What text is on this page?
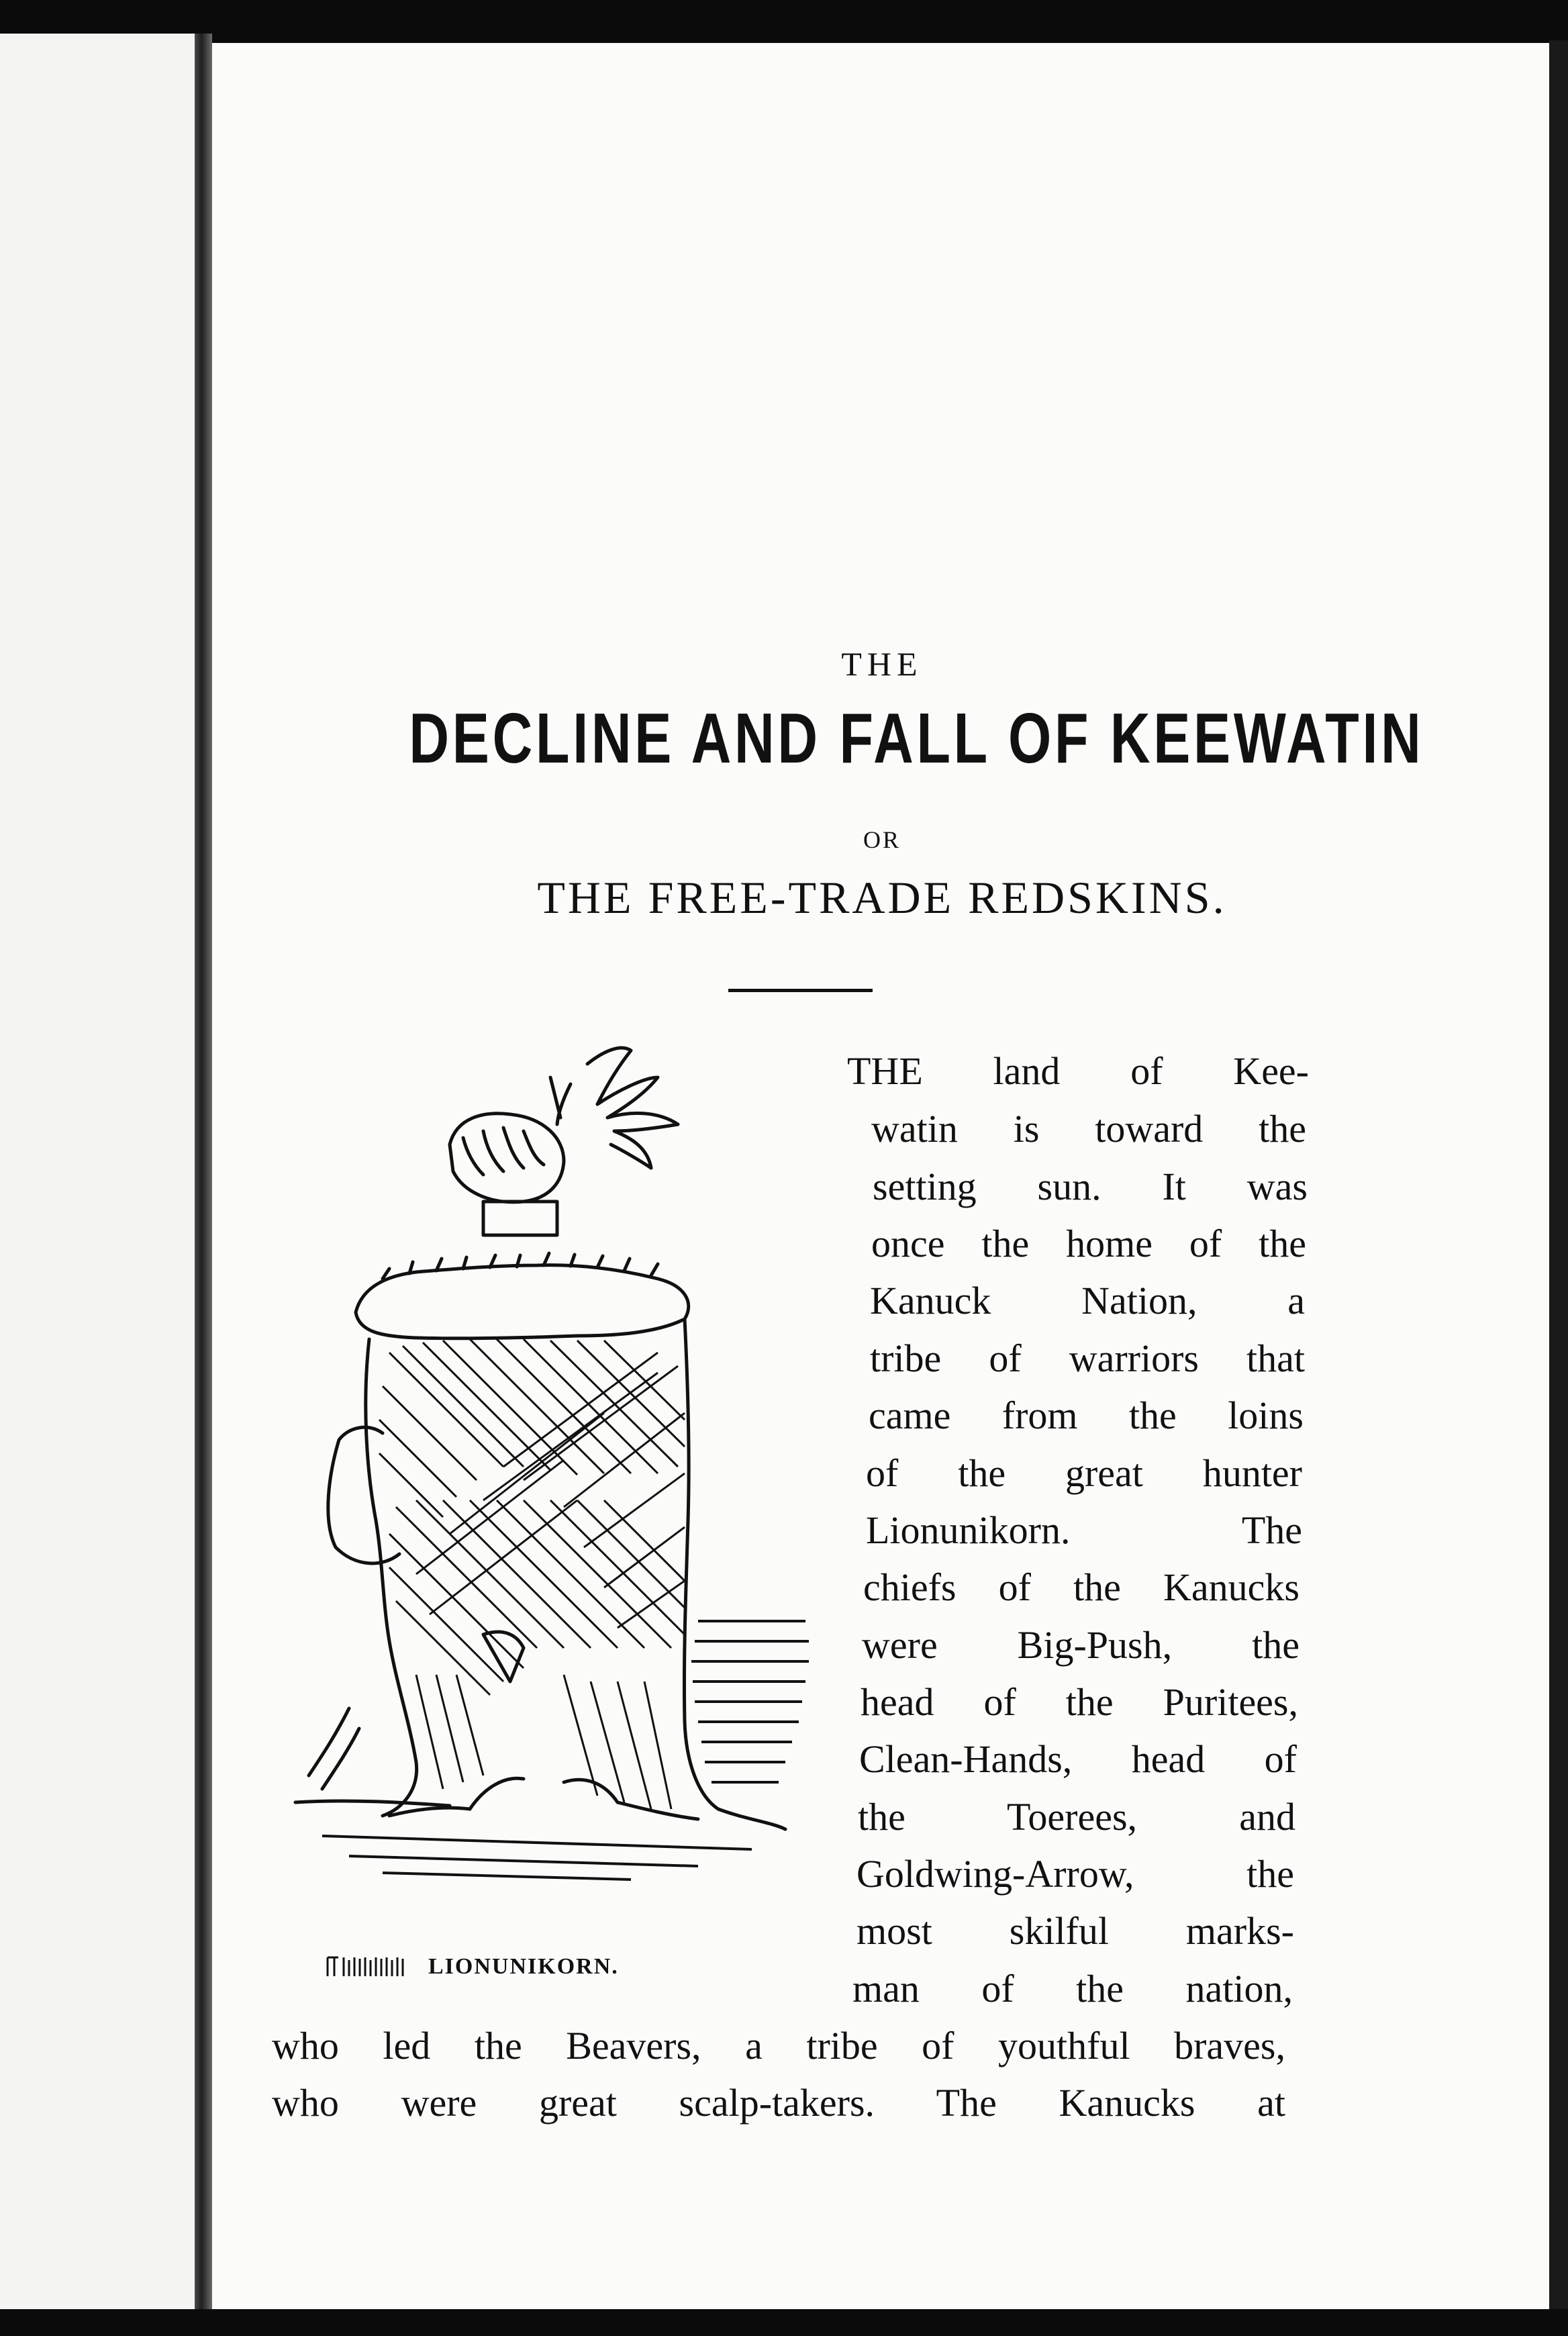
THE
DECLINE AND FALL OF KEEWATIN
OR
THE FREE-TRADE REDSKINS.
LIONUNIKORN.
THE land of Kee-
watin is toward the
setting sun. It was
once the home of the
Kanuck Nation, a
tribe of warriors that
came from the loins
of the great hunter
Lionunikorn. The
chiefs of the Kanucks
were Big-Push, the
head of the Puritees,
Clean-Hands, head of
the Toerees, and
Goldwing-Arrow, the
most skilful marks-
man of the nation,
who led the Beavers, a tribe of youthful braves,
who were great scalp-takers. The Kanucks at
